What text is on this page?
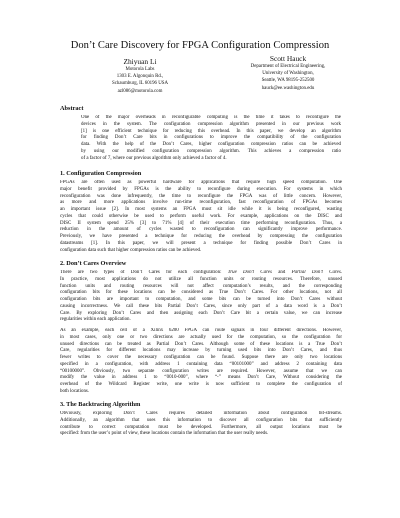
Don’t Care Discovery for FPGA Configuration Compression
Zhiyuan Li
Motorola Labs
1303 E. Algonquin Rd.,
Schaumburg, IL 60196 USA
azl086@motorola.com
Scott Hauck
Department of Electrical Engineering,
University of Washington,
Seattle, WA 98195-252500
hauck@ee.washington.edu
Abstract
One of the major overheads in reconfigurable computing is the time it takes to reconfigure the
devices in the system. The configuration compression algorithm presented in our previous work
[1] is one efficient technique for reducing this overhead. In this paper, we develop an algorithm
for finding Don’t Care bits in configurations to improve the compatibility of the configuration
data. With the help of the Don’t Cares, higher configuration compression ratios can be achieved
by using our modified configuration compression algorithm. This achieves a compression ratio
of a factor of 7, where our previous algorithm only achieved a factor of 4.
1. Configuration Compression
FPGAs are often used as powerful hardware for applications that require high speed computation. One
major benefit provided by FPGAs is the ability to reconfigure during execution. For systems in which
reconfiguration was done infrequently, the time to reconfigure the FPGA was of little concern. However,
as more and more applications involve run-time reconfiguration, fast reconfiguration of FPGAs becomes
an important issue [2]. In most systems an FPGA must sit idle while it is being reconfigured, wasting
cycles that could otherwise be used to perform useful work. For example, applications on the DISC and
DISC II system spend 25% [3] to 71% [4] of their execution time performing reconfiguration. Thus, a
reduction in the amount of cycles wasted to reconfiguration can significantly improve performance.
Previously, we have presented a technique for reducing the overhead by compressing the configuration
datastreams [1]. In this paper, we will present a technique for finding possible Don’t Cares in
configuration data such that higher compression ratios can be achieved.
2. Don’t Cares Overview
There are two types of Don’t Cares for each configuration: True Don’t Cares and Partial Don’t Cares.
In practice, most applications do not utilize all function units or routing resources. Therefore, unused
function units and routing resources will not affect computation’s results, and the corresponding
configuration bits for these locations can be considered as True Don’t Cares. For other locations, not all
configuration bits are important to computation, and some bits can be turned into Don’t Cares without
causing incorrectness. We call these bits Partial Don’t Cares, since only part of a data word is a Don’t
Care. By exploring Don’t Cares and then assigning each Don’t Care bit a certain value, we can increase
regularities within each application.
As an example, each cell of a Xilinx 6200 FPGA can route signals in four different directions. However,
in most cases, only one or two directions are actually used for the computation, so the configuration for
unused directions can be treated as Partial Don’t Cares. Although some of these locations is a True Don’t
Care, regularities for different locations may increase by turning used bits into Don’t Cares, and thus
fewer writes to cover the necessary configuration can be found. Suppose there are only two locations
specified in a configuration, with address 1 containing data “00101000” and address 2 containing data
“00100000”. Obviously, two separate configuration writes are required. However, assume that we can
modify the value in address 1 to “0010-000”, where “-” means Don’t Care, Without considering the
overhead of the Wildcard Register write, one write is now sufficient to complete the configuration of
both locations.
3. The Backtracing Algorithm
Obviously, exploring Don’t Cares requires detailed information about configuration bit-streams.
Additionally, an algorithm that uses this information to discover all configuration bits that sufficiently
contribute to correct computation must be developed. Furthermore, all output locations must be
specified: from the user’s point of view, these locations contain the information that the user really needs.
